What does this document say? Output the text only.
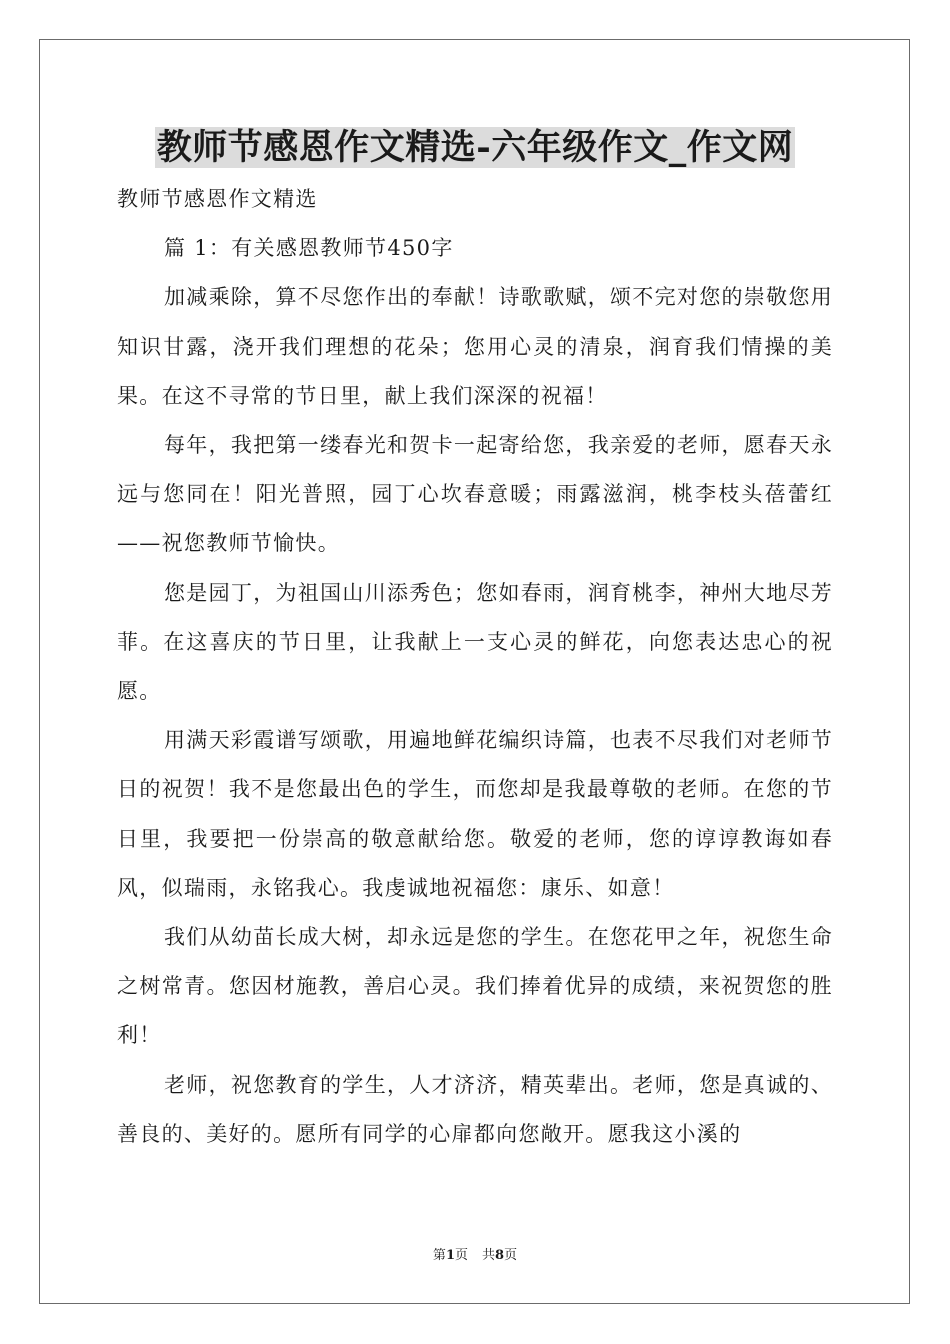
教师节感恩作文精选-六年级作文_作文网

教师节感恩作文精选

篇 1：有关感恩教师节450字

加减乘除，算不尽您作出的奉献！诗歌歌赋，颂不完对您的崇敬您用知识甘露，浇开我们理想的花朵；您用心灵的清泉，润育我们情操的美果。在这不寻常的节日里，献上我们深深的祝福！

每年，我把第一缕春光和贺卡一起寄给您，我亲爱的老师，愿春天永远与您同在！阳光普照，园丁心坎春意暖；雨露滋润，桃李枝头蓓蕾红——祝您教师节愉快。

您是园丁，为祖国山川添秀色；您如春雨，润育桃李，神州大地尽芳菲。在这喜庆的节日里，让我献上一支心灵的鲜花，向您表达忠心的祝愿。

用满天彩霞谱写颂歌，用遍地鲜花编织诗篇，也表不尽我们对老师节日的祝贺！我不是您最出色的学生，而您却是我最尊敬的老师。在您的节日里，我要把一份崇高的敬意献给您。敬爱的老师，您的谆谆教诲如春风，似瑞雨，永铭我心。我虔诚地祝福您：康乐、如意！

我们从幼苗长成大树，却永远是您的学生。在您花甲之年，祝您生命之树常青。您因材施教，善启心灵。我们捧着优异的成绩，来祝贺您的胜利！

老师，祝您教育的学生，人才济济，精英辈出。老师，您是真诚的、善良的、美好的。愿所有同学的心扉都向您敞开。愿我这小溪的

第1页 共8页
